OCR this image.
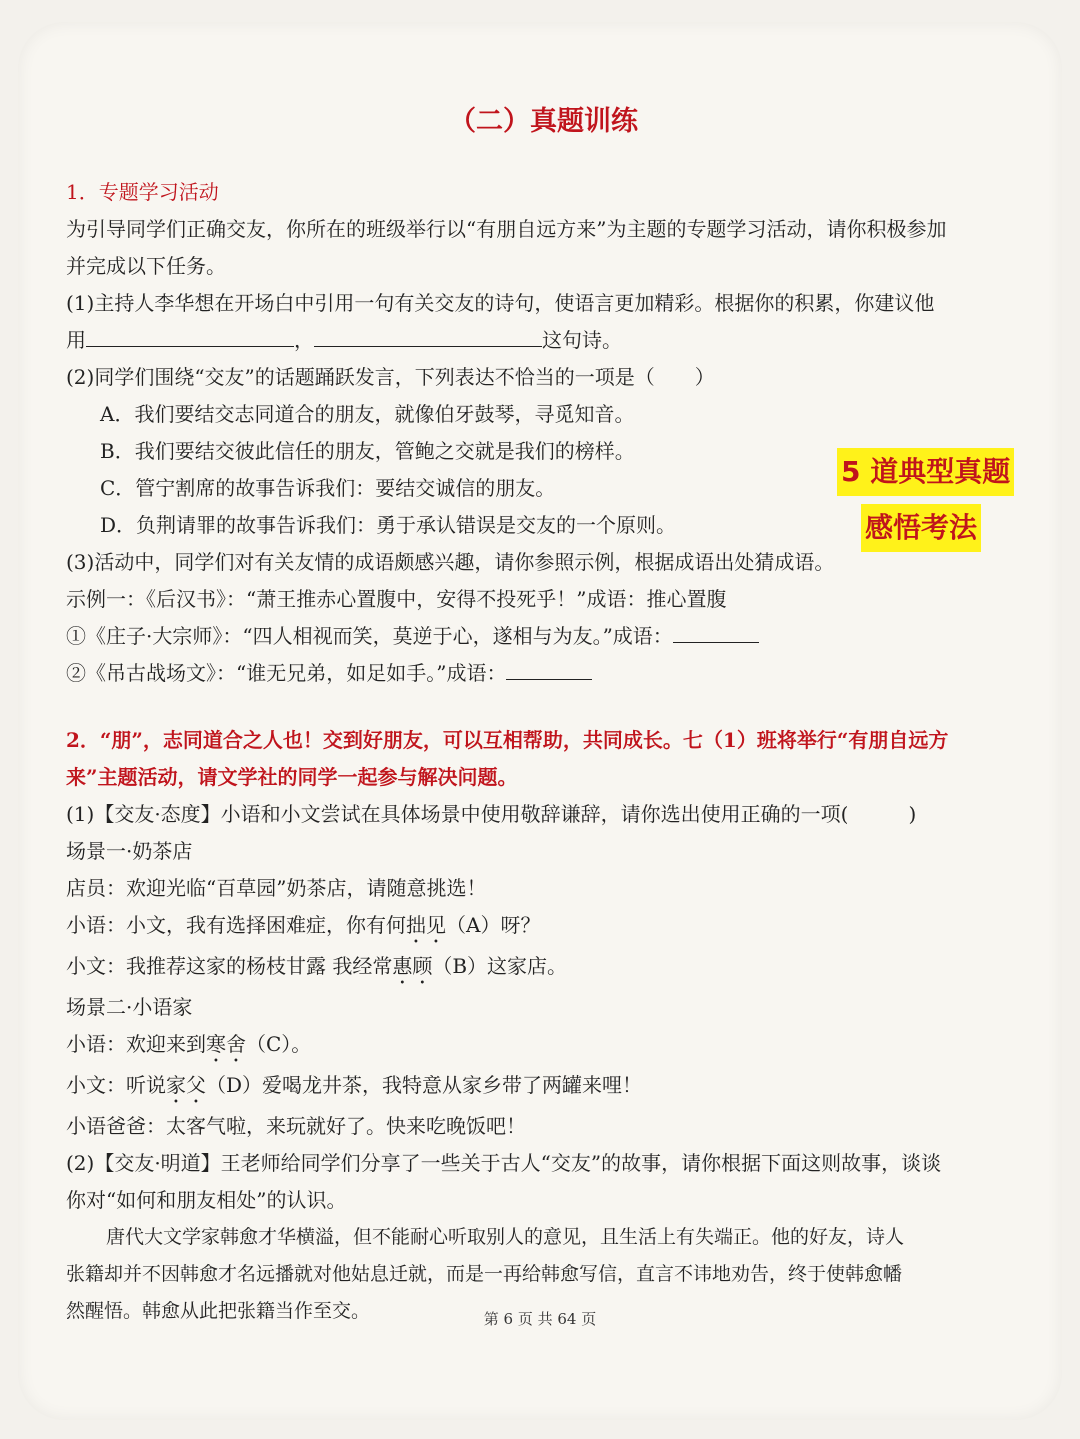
（二）真题训练
1．专题学习活动
为引导同学们正确交友，你所在的班级举行以“有朋自远方来”为主题的专题学习活动，请你积极参加
并完成以下任务。
(1)主持人李华想在开场白中引用一句有关交友的诗句，使语言更加精彩。根据你的积累，你建议他
用	，	这句诗。
(2)同学们围绕“交友”的话题踊跃发言，下列表达不恰当的一项是（　　）
A．我们要结交志同道合的朋友，就像伯牙鼓琴，寻觅知音。
B．我们要结交彼此信任的朋友，管鲍之交就是我们的榜样。
C．管宁割席的故事告诉我们：要结交诚信的朋友。
D．负荆请罪的故事告诉我们：勇于承认错误是交友的一个原则。
(3)活动中，同学们对有关友情的成语颇感兴趣，请你参照示例，根据成语出处猜成语。
示例一：《后汉书》：“萧王推赤心置腹中，安得不投死乎！”成语：推心置腹
①《庄子·大宗师》：“四人相视而笑，莫逆于心，遂相与为友。”成语：
②《吊古战场文》：“谁无兄弟，如足如手。”成语：
2．“朋”，志同道合之人也！交到好朋友，可以互相帮助，共同成长。七（1）班将举行“有朋自远方
来”主题活动，请文学社的同学一起参与解决问题。
(1)【交友·态度】小语和小文尝试在具体场景中使用敬辞谦辞，请你选出使用正确的一项(　　　)
场景一·奶茶店
店员：欢迎光临“百草园”奶茶店，请随意挑选！
小语：小文，我有选择困难症，你有何拙见（A）呀？
小文：我推荐这家的杨枝甘露 我经常惠顾（B）这家店。
场景二·小语家
小语：欢迎来到寒舍（C）。
小文：听说家父（D）爱喝龙井茶，我特意从家乡带了两罐来哩！
小语爸爸：太客气啦，来玩就好了。快来吃晚饭吧！
(2)【交友·明道】王老师给同学们分享了一些关于古人“交友”的故事，请你根据下面这则故事，谈谈
你对“如何和朋友相处”的认识。
唐代大文学家韩愈才华横溢，但不能耐心听取别人的意见，且生活上有失端正。他的好友，诗人
张籍却并不因韩愈才名远播就对他姑息迁就，而是一再给韩愈写信，直言不讳地劝告，终于使韩愈幡
然醒悟。韩愈从此把张籍当作至交。
5 道典型真题
感悟考法
第 6 页 共 64 页
